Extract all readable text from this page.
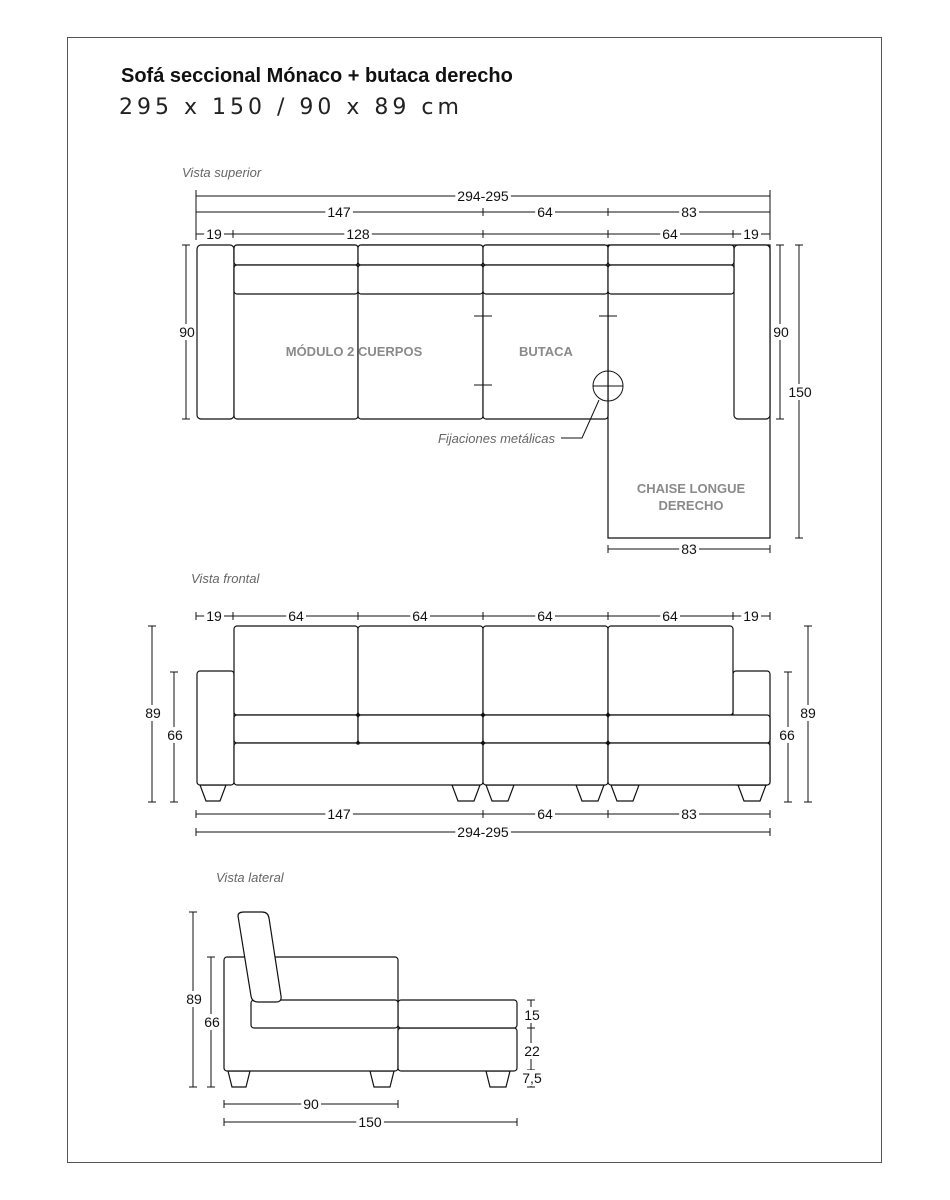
Sofá seccional Mónaco + butaca derecho
295 x 150 / 90 x 89 cm
Vista superior
294-295
147	64	83
19	128	64	19
90	90
150
83
MÓDULO 2 CUERPOS	BUTACA
CHAISE LONGUE
DERECHO
Fijaciones metálicas
Vista frontal
19	64	64	64	64	19
89
66
89
66
147	64	83
294-295
Vista lateral
89
66	15
22
7,5
90
150
